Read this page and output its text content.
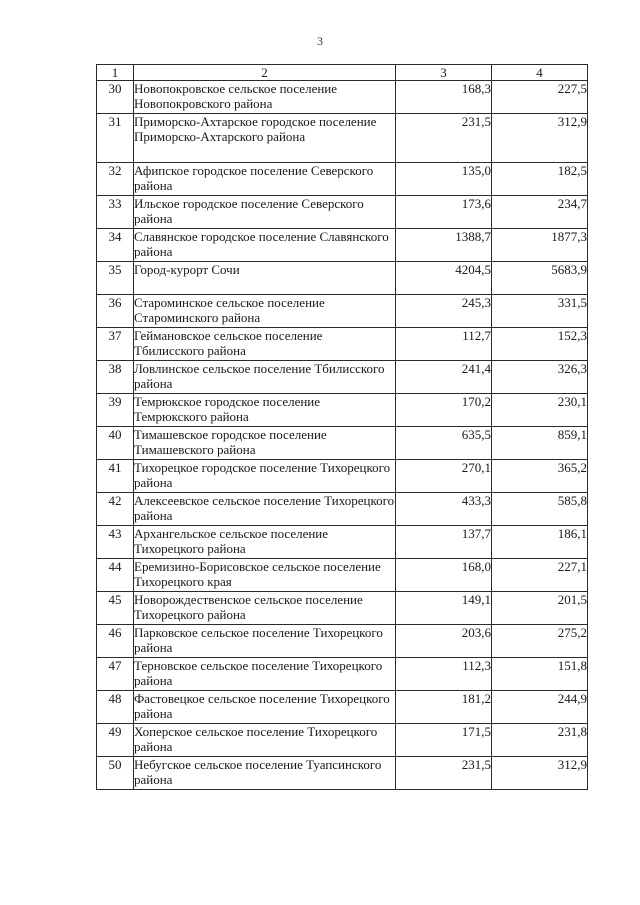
3
1	2	3	4
30	Новопокровское сельское поселение Новопокровского района	168,3	227,5
31	Приморско-Ахтарское городское поселение Приморско-Ахтарского района	231,5	312,9
32	Афипское городское поселение Северского района	135,0	182,5
33	Ильское городское поселение Северского района	173,6	234,7
34	Славянское городское поселение Славянского района	1388,7	1877,3
35	Город-курорт Сочи	4204,5	5683,9
36	Староминское сельское поселение Староминского района	245,3	331,5
37	Геймановское сельское поселение Тбилисского района	112,7	152,3
38	Ловлинское сельское поселение Тбилисского района	241,4	326,3
39	Темрюкское городское поселение Темрюкского района	170,2	230,1
40	Тимашевское городское поселение Тимашевского района	635,5	859,1
41	Тихорецкое городское поселение Тихорецкого района	270,1	365,2
42	Алексеевское сельское поселение Тихорецкого района	433,3	585,8
43	Архангельское сельское поселение Тихорецкого района	137,7	186,1
44	Еремизино-Борисовское сельское поселение Тихорецкого края	168,0	227,1
45	Новорождественское сельское поселение Тихорецкого района	149,1	201,5
46	Парковское сельское поселение Тихорецкого района	203,6	275,2
47	Терновское сельское поселение Тихорецкого района	112,3	151,8
48	Фастовецкое сельское поселение Тихорецкого района	181,2	244,9
49	Хоперское сельское поселение Тихорецкого района	171,5	231,8
50	Небугское сельское поселение Туапсинского района	231,5	312,9
